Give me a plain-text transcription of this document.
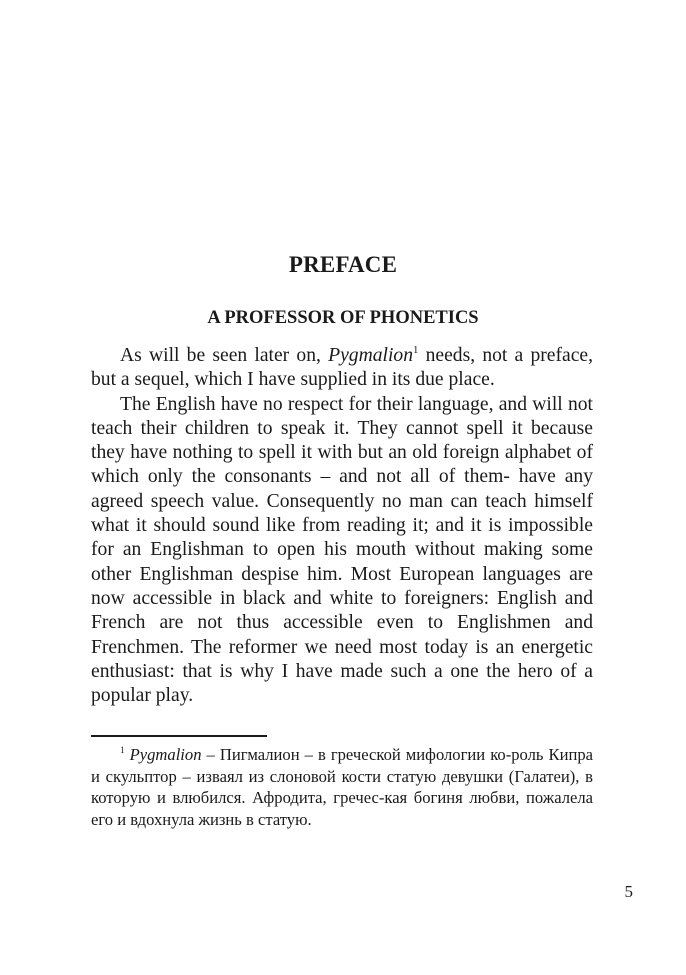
PREFACE
A PROFESSOR OF PHONETICS

As will be seen later on, Pygmalion$^1$ needs, not a preface, but a sequel, which I have supplied in its due place.

The English have no respect for their language, and will not teach their children to speak it. They cannot spell it because they have nothing to spell it with but an old foreign alphabet of which only the consonants – and not all of them- have any agreed speech value. Consequently no man can teach himself what it should sound like from reading it; and it is impossible for an Englishman to open his mouth without making some other Englishman despise him. Most European languages are now accessible in black and white to foreigners: English and French are not thus accessible even to Englishmen and Frenchmen. The reformer we need most today is an energetic enthusiast: that is why I have made such a one the hero of a popular play.

$^1$ Pygmalion – Пигмалион – в греческой мифологии ко-роль Кипра и скульптор – изваял из слоновой кости статую девушки (Галатеи), в которую и влюбился. Афродита, гречес-кая богиня любви, пожалела его и вдохнула жизнь в статую.

5
